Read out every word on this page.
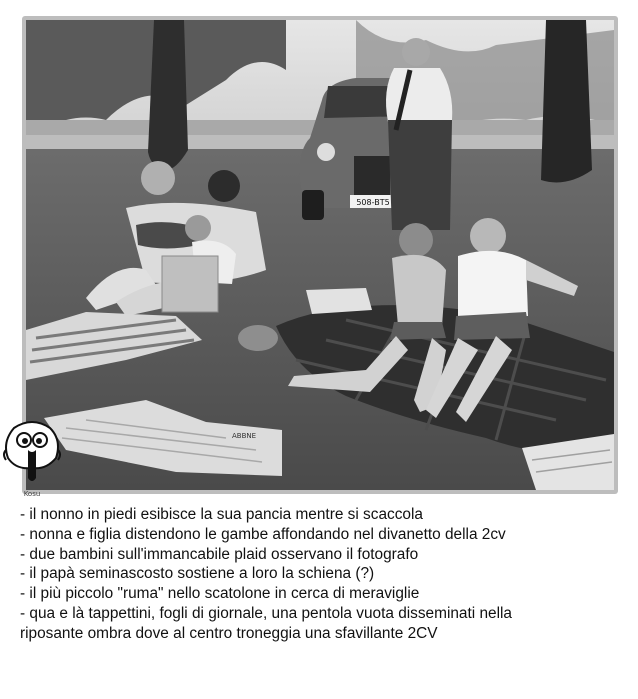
508-BT5
ABBNE
Kosu
- il nonno in piedi esibisce la sua pancia mentre si scaccola
- nonna e figlia distendono le gambe affondando nel divanetto della 2cv
- due bambini sull'immancabile plaid osservano il fotografo
- il papà seminascosto sostiene a loro la schiena (?)
- il più piccolo "ruma" nello scatolone in cerca di meraviglie
- qua e là tappettini, fogli di giornale, una pentola vuota disseminati nella
riposante ombra dove al centro troneggia una sfavillante 2CV
